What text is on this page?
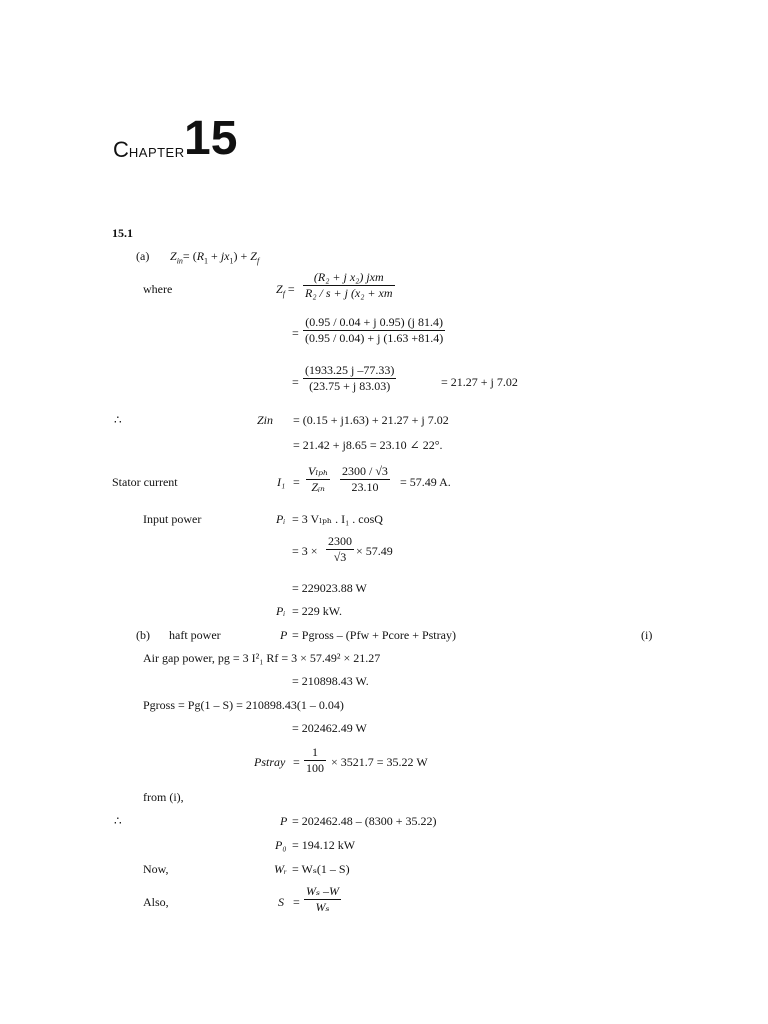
CHAPTER 15
15.1
(a) $Z_{in}= (R_1 + jx_1) + Z_f$
where	$Z_f = \frac{\text{(R₂ + j x₂) jxm}}{\text{R₂ / s + j (x₂ + xm}}$
= $\frac{(0.95 / 0.04 + j 0.95) (j 81.4)}{(0.95 / 0.04) + j (1.63 +81.4)}$
= $\frac{(1933.25 j -77.33)}{(23.75 + j 83.03)}$	= 21.27 + j 7.02
∴	Zin = (0.15 + j1.63) + 21.27 + j 7.02
= 21.42 + j8.65 = 23.10 ∠ 22°.
Stator current	$I_1 = \frac{\text{Vₗₚₕ}}{\text{Zᵢₙ}} \frac{2300 / √3}{23.10} = 57.49$ A.
Input power	Pᵢ = 3 Vₗₚₕ . I₁ . cosQ
= $3 \times \frac{2300}{√3} \times 57.49$
= 229023.88 W
Pᵢ = 229 kW.
(b) haft power	P = Pgross – (Pfw + Pcore + Pstray)	(i)
Air gap power, pg = 3 I²₁ Rf = 3 × 57.49² × 21.27
= 210898.43 W.
Pgross = Pg(1 – S) = 210898.43(1 – 0.04)
= 202462.49 W
Pstray = $\frac{1}{100} \times 3521.7 = 35.22$ W
from (i),
∴	P = 202462.48 – (8300 + 35.22)
P₀ = 194.12 kW
Now,	Wᵣ = Wₛ(1 – S)
Also,	$S = \frac{\text{Wₛ –W}}{\text{Wₛ}}$
